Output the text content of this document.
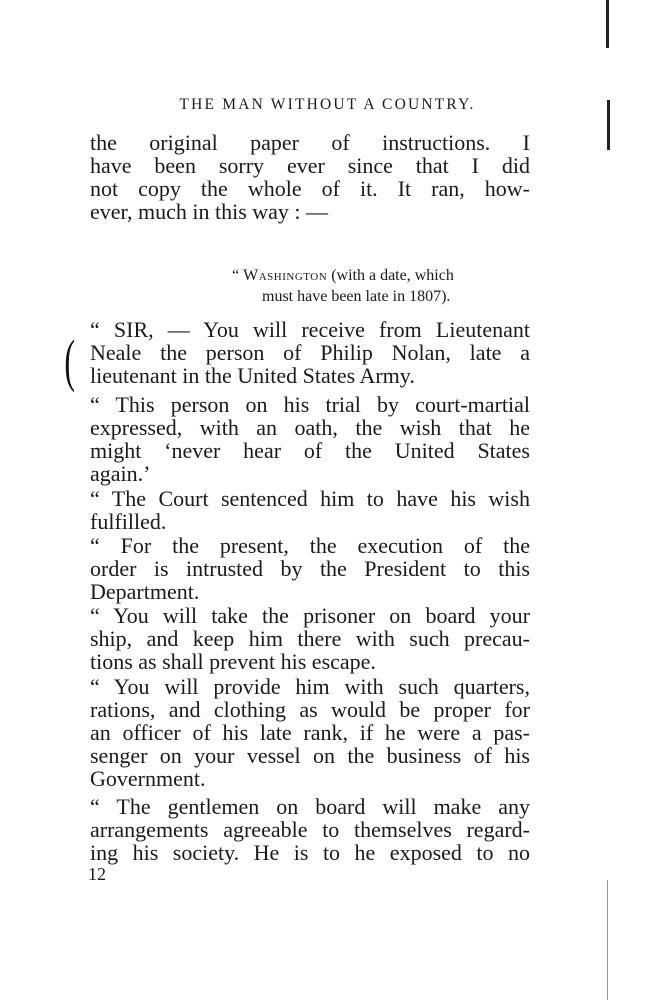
THE MAN WITHOUT A COUNTRY.
the original paper of instructions. I
have been sorry ever since that I did
not copy the whole of it. It ran, how-
ever, much in this way : —
“ Washington (with a date, which
must have been late in 1807).
( “ SIR, — You will receive from Lieutenant
Neale the person of Philip Nolan, late a
lieutenant in the United States Army.
“ This person on his trial by court-martial
expressed, with an oath, the wish that he
might ‘never hear of the United States
again.’
“ The Court sentenced him to have his wish
fulfilled.
“ For the present, the execution of the
order is intrusted by the President to this
Department.
“ You will take the prisoner on board your
ship, and keep him there with such precau-
tions as shall prevent his escape.
“ You will provide him with such quarters,
rations, and clothing as would be proper for
an officer of his late rank, if he were a pas-
senger on your vessel on the business of his
Government.
“ The gentlemen on board will make any
arrangements agreeable to themselves regard-
ing his society. He is to he exposed to no
12
